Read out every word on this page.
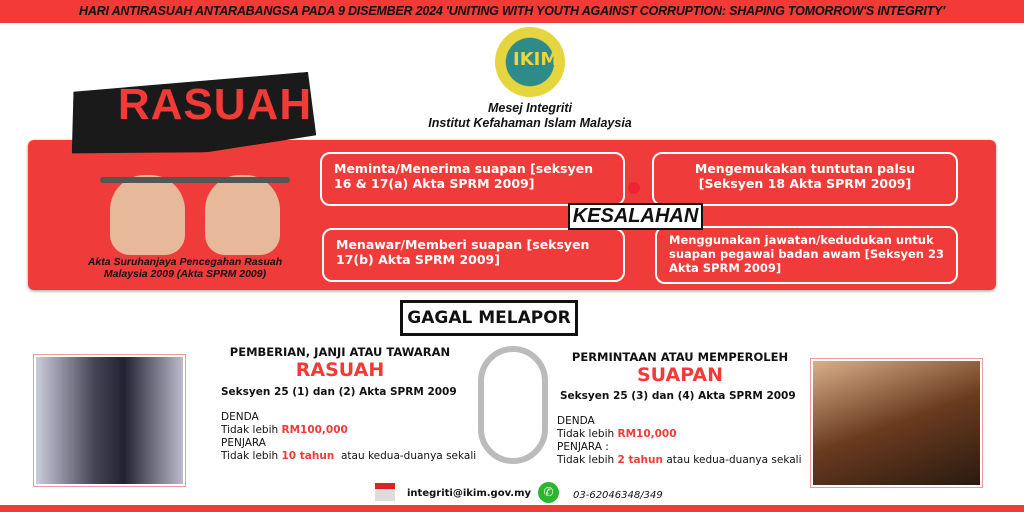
HARI ANTIRASUAH ANTARABANGSA PADA 9 DISEMBER 2024 'UNITING WITH YOUTH AGAINST CORRUPTION: SHAPING TOMORROW'S INTEGRITY'
IKIM
Mesej Integriti
Institut Kefahaman Islam Malaysia
RASUAH
Akta Suruhanjaya Pencegahan Rasuah Malaysia 2009 (Akta SPRM 2009)
Meminta/Menerima suapan [seksyen 16 & 17(a) Akta SPRM 2009]
Mengemukakan tuntutan palsu [Seksyen 18 Akta SPRM 2009]
Menawar/Memberi suapan [seksyen 17(b) Akta SPRM 2009]
Menggunakan jawatan/kedudukan untuk suapan pegawai badan awam [Seksyen 23 Akta SPRM 2009]
KESALAHAN
GAGAL MELAPOR
PEMBERIAN, JANJI ATAU TAWARAN
RASUAH
Seksyen 25 (1) dan (2) Akta SPRM 2009
DENDA
Tidak lebih RM100,000
PENJARA
Tidak lebih 10 tahun atau kedua-duanya sekali
PERMINTAAN ATAU MEMPEROLEH
SUAPAN
Seksyen 25 (3) dan (4) Akta SPRM 2009
DENDA
Tidak lebih RM10,000
PENJARA :
Tidak lebih 2 tahun atau kedua-duanya sekali
integriti@ikim.gov.my	✆	03-62046348/349
